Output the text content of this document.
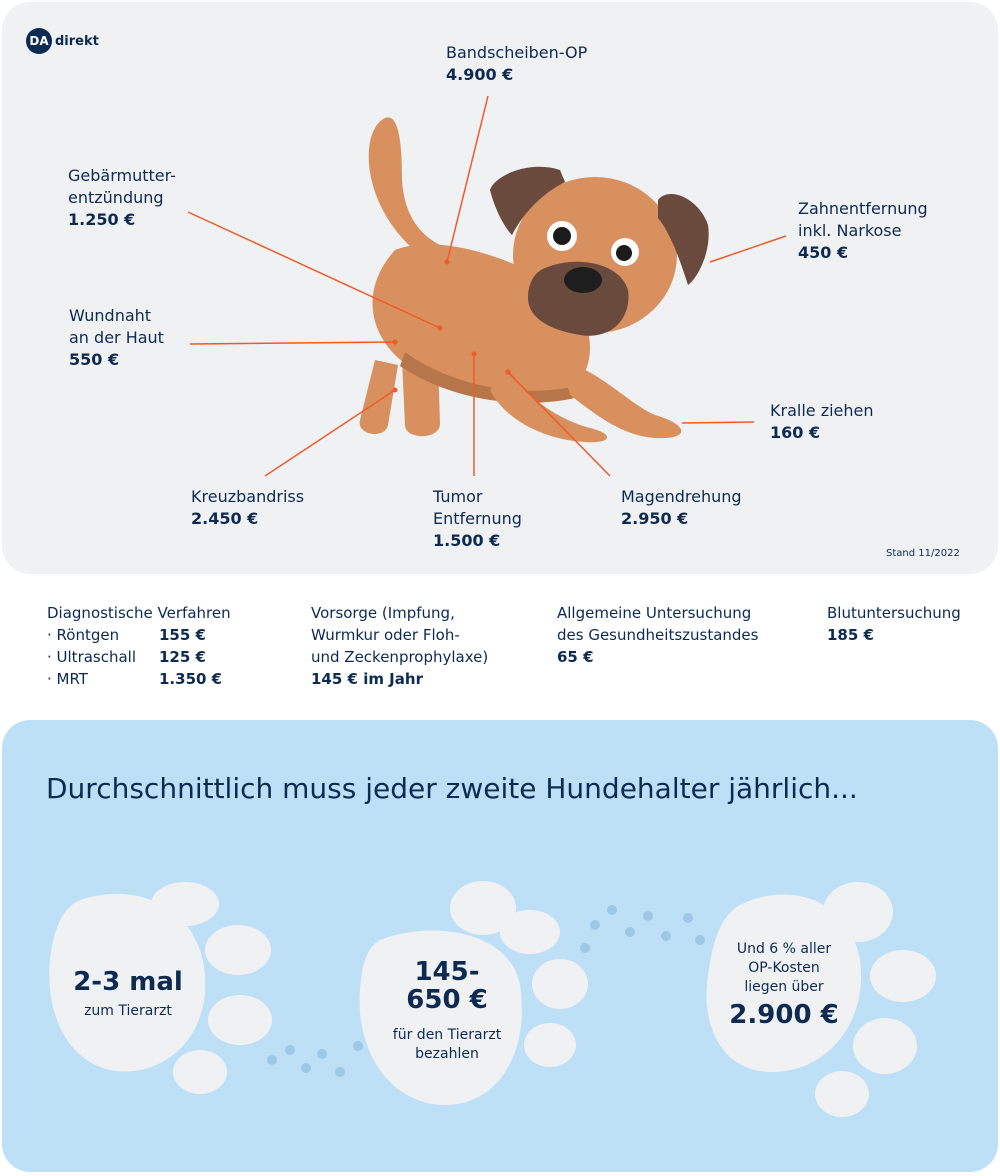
DA direkt
Bandscheiben-OP
4.900 €
Gebärmutter-
entzündung
1.250 €
Zahnentfernung
inkl. Narkose
450 €
Wundnaht
an der Haut
550 €
Kralle ziehen
160 €
Kreuzbandriss
2.450 €
Tumor
Entfernung
1.500 €
Magendrehung
2.950 €
Stand 11/2022
Diagnostische Verfahren
· Röntgen	155 €
· Ultraschall	125 €
· MRT	1.350 €
Vorsorge (Impfung,
Wurmkur oder Floh-
und Zeckenprophylaxe)
145 € im Jahr
Allgemeine Untersuchung
des Gesundheitszustandes
65 €
Blutuntersuchung
185 €
Durchschnittlich muss jeder zweite Hundehalter jährlich...
2-3 mal
zum Tierarzt
145-
650 €
für den Tierarzt
bezahlen
Und 6 % aller
OP-Kosten
liegen über
2.900 €
